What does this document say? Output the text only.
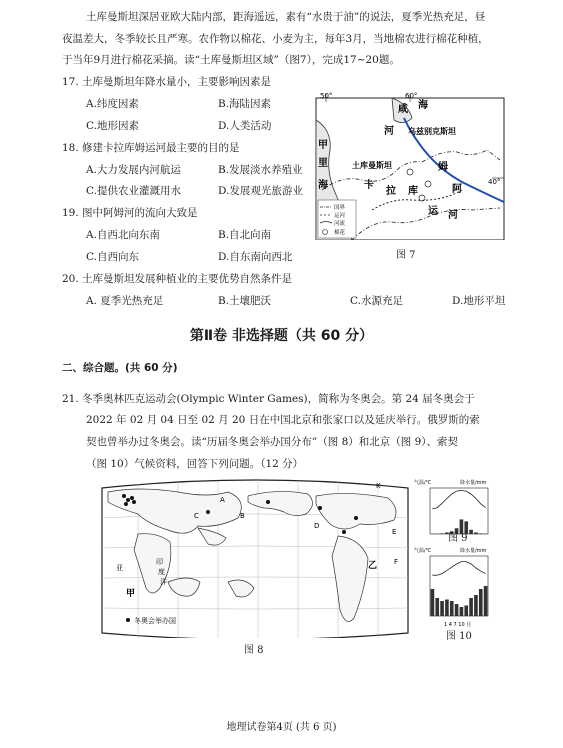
土库曼斯坦深居亚欧大陆内部，距海遥远，素有“水贵于油”的说法，夏季光热充足，昼
夜温差大，冬季较长且严寒。农作物以棉花、小麦为主，每年3月，当地棉农进行棉花种植，
于当年9月进行棉花采摘。读“土库曼斯坦区域”（图7），完成17~20题。
17. 土库曼斯坦年降水量小，主要影响因素是
A.纬度因素	B.海陆因素
C.地形因素	D.人类活动
18. 修建卡拉库姆运河最主要的目的是
A.大力发展内河航运	B.发展淡水养殖业
C.提供农业灌溉用水	D.发展观光旅游业
19. 图中阿姆河的流向大致是
A.自西北向东南	B.自北向南
C.自西向东	D.自东南向西北
20. 土库曼斯坦发展种植业的主要优势自然条件是
A. 夏季光热充足	B.土壤肥沃	C.水源充足	D.地形平坦
50°	60°
40°
咸 海
河 乌兹别克斯坦
土库曼斯坦	姆
甲
里
海	卡
拉 库	阿
运 河
国界
运河
河流
棉花
图 7
第Ⅱ卷 非选择题（共 60 分）
二、综合题。(共 60 分)
21. 冬季奥林匹克运动会(Olympic Winter Games)，简称为冬奥会。第 24 届冬奥会于
2022 年 02 月 04 日至 02 月 20 日在中国北京和张家口以及延庆举行。俄罗斯的索
契也曾举办过冬奥会。读“历届冬奥会举办国分布”（图 8）和北京（图 9）、索契
（图 10）气候资料，回答下列问题。（12 分）
A
B
C
D
E
F
K
乙
甲
印
度
洋
亚
冬奥会举办国
图 8
气温/℃	降水量/mm
图 9
气温/℃	降水量/mm
1 4 7 10 月
图 10
地理试卷第4页 (共 6 页)
